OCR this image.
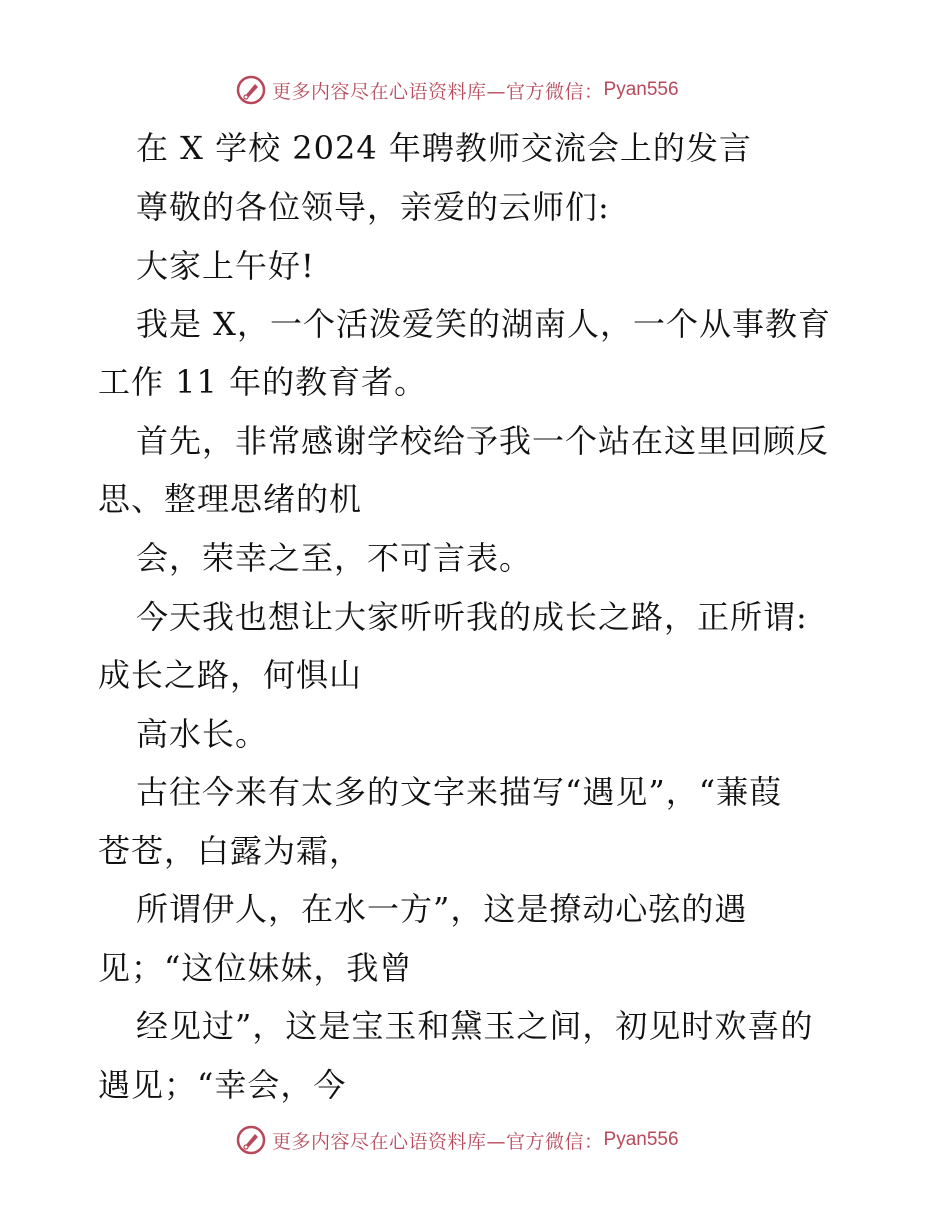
更多内容尽在心语资料库—官方微信： Pyan556
在 X 学校 2024 年聘教师交流会上的发言
尊敬的各位领导，亲爱的云师们:
大家上午好!
我是 X，一个活泼爱笑的湖南人，一个从事教育
工作 11 年的教育者。
首先，非常感谢学校给予我一个站在这里回顾反
思、整理思绪的机
会，荣幸之至，不可言表。
今天我也想让大家听听我的成长之路，正所谓:
成长之路，何惧山
高水长。
古往今来有太多的文字来描写“遇见”，“蒹葭
苍苍，白露为霜，
所谓伊人，在水一方”，这是撩动心弦的遇
见；“这位妹妹，我曾
经见过”，这是宝玉和黛玉之间，初见时欢喜的
遇见；“幸会，今
更多内容尽在心语资料库—官方微信： Pyan556
